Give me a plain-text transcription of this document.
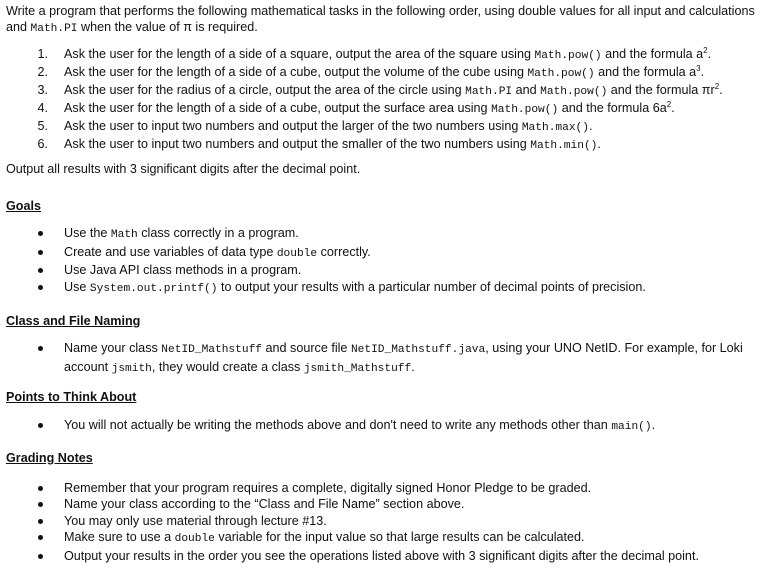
Write a program that performs the following mathematical tasks in the following order, using double values for all input and calculations and Math.PI when the value of π is required.

1. Ask the user for the length of a side of a square, output the area of the square using Math.pow() and the formula $a^2$.
2. Ask the user for the length of a side of a cube, output the volume of the cube using Math.pow() and the formula $a^3$.
3. Ask the user for the radius of a circle, output the area of the circle using Math.PI and Math.pow() and the formula $\pi r^2$.
4. Ask the user for the length of a side of a cube, output the surface area using Math.pow() and the formula $6a^2$.
5. Ask the user to input two numbers and output the larger of the two numbers using Math.max().
6. Ask the user to input two numbers and output the smaller of the two numbers using Math.min().

Output all results with 3 significant digits after the decimal point.

Goals
Use the Math class correctly in a program.
Create and use variables of data type double correctly.
Use Java API class methods in a program.
Use System.out.printf() to output your results with a particular number of decimal points of precision.
Class and File Naming
Name your class NetID_Mathstuff and source file NetID_Mathstuff.java, using your UNO NetID. For example, for Loki account jsmith, they would create a class jsmith_Mathstuff.
Points to Think About
You will not actually be writing the methods above and don't need to write any methods other than main().
Grading Notes
Remember that your program requires a complete, digitally signed Honor Pledge to be graded.
Name your class according to the “Class and File Name” section above.
You may only use material through lecture #13.
Make sure to use a double variable for the input value so that large results can be calculated.
Output your results in the order you see the operations listed above with 3 significant digits after the decimal point.
